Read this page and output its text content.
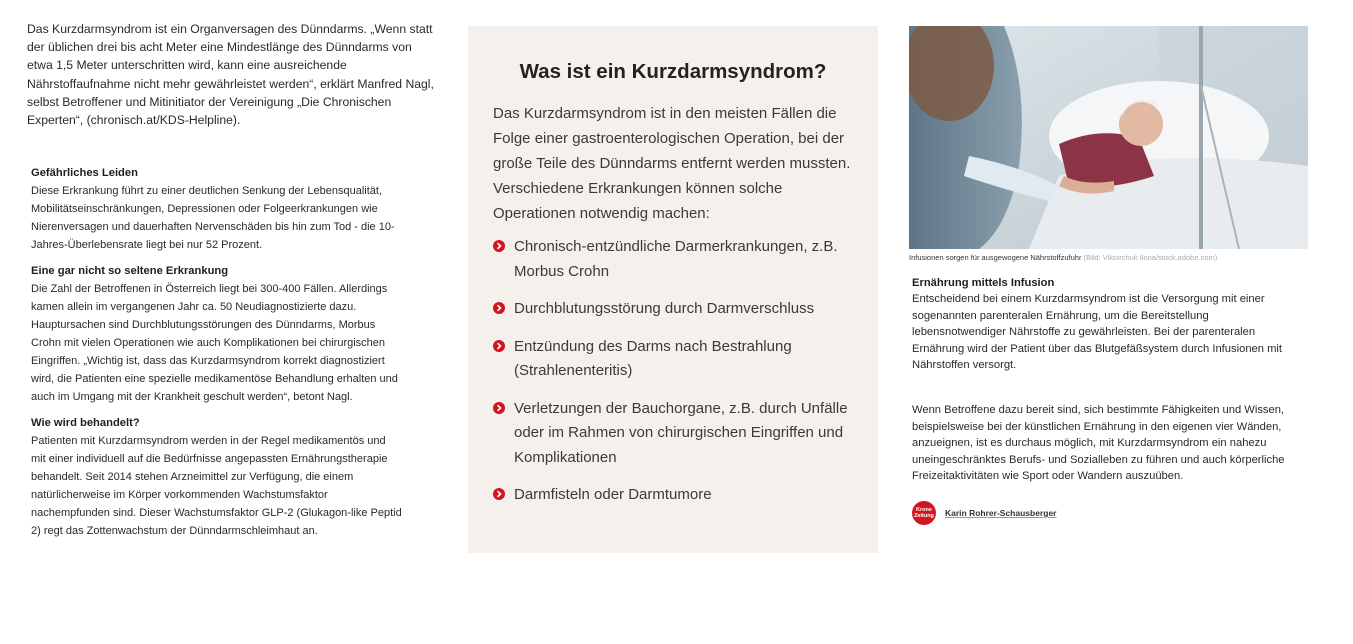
Das Kurzdarmsyndrom ist ein Organversagen des Dünndarms. „Wenn statt der üblichen drei bis acht Meter eine Mindestlänge des Dünndarms von etwa 1,5 Meter unterschritten wird, kann eine ausreichende Nährstoffaufnahme nicht mehr gewährleistet werden“, erklärt Manfred Nagl, selbst Betroffener und Mitinitiator der Vereinigung „Die Chronischen Experten“, (chronisch.at/KDS-Helpline).

Gefährliches Leiden

Diese Erkrankung führt zu einer deutlichen Senkung der Lebensqualität, Mobilitätseinschränkungen, Depressionen oder Folgeerkrankungen wie Nierenversagen und dauerhaften Nervenschäden bis hin zum Tod - die 10-Jahres-Überlebensrate liegt bei nur 52 Prozent.

Eine gar nicht so seltene Erkrankung

Die Zahl der Betroffenen in Österreich liegt bei 300-400 Fällen. Allerdings kamen allein im vergangenen Jahr ca. 50 Neudiagnostizierte dazu. Hauptursachen sind Durchblutungsstörungen des Dünndarms, Morbus Crohn mit vielen Operationen wie auch Komplikationen bei chirurgischen Eingriffen. „Wichtig ist, dass das Kurzdarmsyndrom korrekt diagnostiziert wird, die Patienten eine spezielle medikamentöse Behandlung erhalten und auch im Umgang mit der Krankheit geschult werden“, betont Nagl.

Wie wird behandelt?

Patienten mit Kurzdarmsyndrom werden in der Regel medikamentös und mit einer individuell auf die Bedürfnisse angepassten Ernährungstherapie behandelt. Seit 2014 stehen Arzneimittel zur Verfügung, die einem natürlicherweise im Körper vorkommenden Wachstumsfaktor nachempfunden sind. Dieser Wachstumsfaktor GLP-2 (Glukagon-like Peptid 2) regt das Zottenwachstum der Dünndarmschleimhaut an.

Was ist ein Kurzdarmsyndrom?

Das Kurzdarmsyndrom ist in den meisten Fällen die Folge einer gastroenterologischen Operation, bei der große Teile des Dünndarms entfernt werden mussten. Verschiedene Erkrankungen können solche Operationen notwendig machen:

Chronisch-entzündliche Darmerkrankungen, z.B. Morbus Crohn
Durchblutungsstörung durch Darmverschluss
Entzündung des Darms nach Bestrahlung (Strahlenenteritis)
Verletzungen der Bauchorgane, z.B. durch Unfälle oder im Rahmen von chirurgischen Eingriffen und Komplikationen
Darmfisteln oder Darmtumore
Infusionen sorgen für ausgewogene Nährstoffzufuhr (Bild: Viktorchuk Ilona/stock.adobe.com)
Ernährung mittels Infusion

Entscheidend bei einem Kurzdarmsyndrom ist die Versorgung mit einer sogenannten parenteralen Ernährung, um die Bereitstellung lebensnotwendiger Nährstoffe zu gewährleisten. Bei der parenteralen Ernährung wird der Patient über das Blutgefäßsystem durch Infusionen mit Nährstoffen versorgt.

Wenn Betroffene dazu bereit sind, sich bestimmte Fähigkeiten und Wissen, beispielsweise bei der künstlichen Ernährung in den eigenen vier Wänden, anzueignen, ist es durchaus möglich, mit Kurzdarmsyndrom ein nahezu uneingeschränktes Berufs- und Sozialleben zu führen und auch körperliche Freizeitaktivitäten wie Sport oder Wandern auszuüben.

Krone
Zeitung Karin Rohrer-Schausberger
